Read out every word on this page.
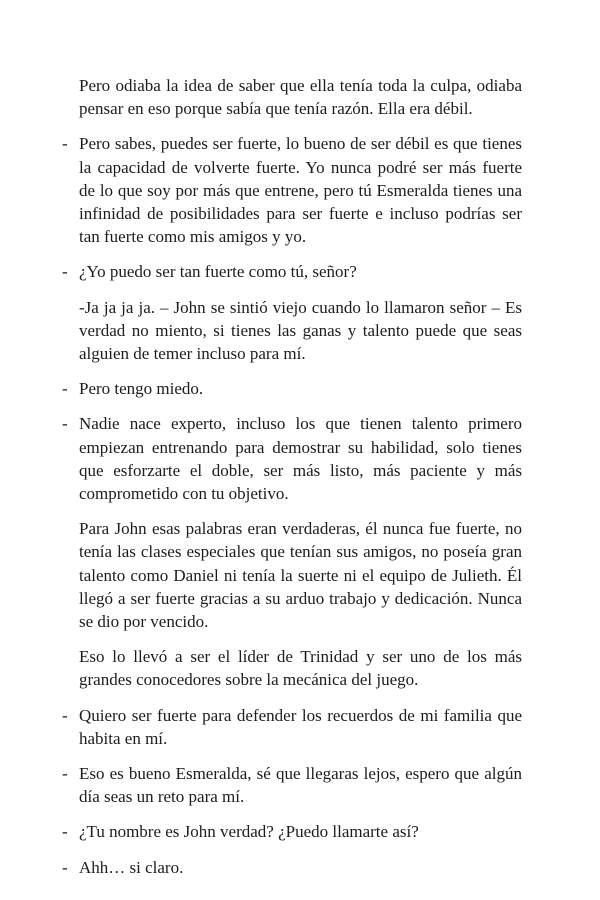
Pero odiaba la idea de saber que ella tenía toda la culpa, odiaba pensar en eso porque sabía que tenía razón. Ella era débil.

- Pero sabes, puedes ser fuerte, lo bueno de ser débil es que tienes la capacidad de volverte fuerte. Yo nunca podré ser más fuerte de lo que soy por más que entrene, pero tú Esmeralda tienes una infinidad de posibilidades para ser fuerte e incluso podrías ser tan fuerte como mis amigos y yo.

- ¿Yo puedo ser tan fuerte como tú, señor?

-Ja ja ja ja. – John se sintió viejo cuando lo llamaron señor – Es verdad no miento, si tienes las ganas y talento puede que seas alguien de temer incluso para mí.

- Pero tengo miedo.

- Nadie nace experto, incluso los que tienen talento primero empiezan entrenando para demostrar su habilidad, solo tienes que esforzarte el doble, ser más listo, más paciente y más comprometido con tu objetivo.

Para John esas palabras eran verdaderas, él nunca fue fuerte, no tenía las clases especiales que tenían sus amigos, no poseía gran talento como Daniel ni tenía la suerte ni el equipo de Julieth. Él llegó a ser fuerte gracias a su arduo trabajo y dedicación. Nunca se dio por vencido.

Eso lo llevó a ser el líder de Trinidad y ser uno de los más grandes conocedores sobre la mecánica del juego.

- Quiero ser fuerte para defender los recuerdos de mi familia que habita en mí.

- Eso es bueno Esmeralda, sé que llegaras lejos, espero que algún día seas un reto para mí.

- ¿Tu nombre es John verdad? ¿Puedo llamarte así?

- Ahh… si claro.
